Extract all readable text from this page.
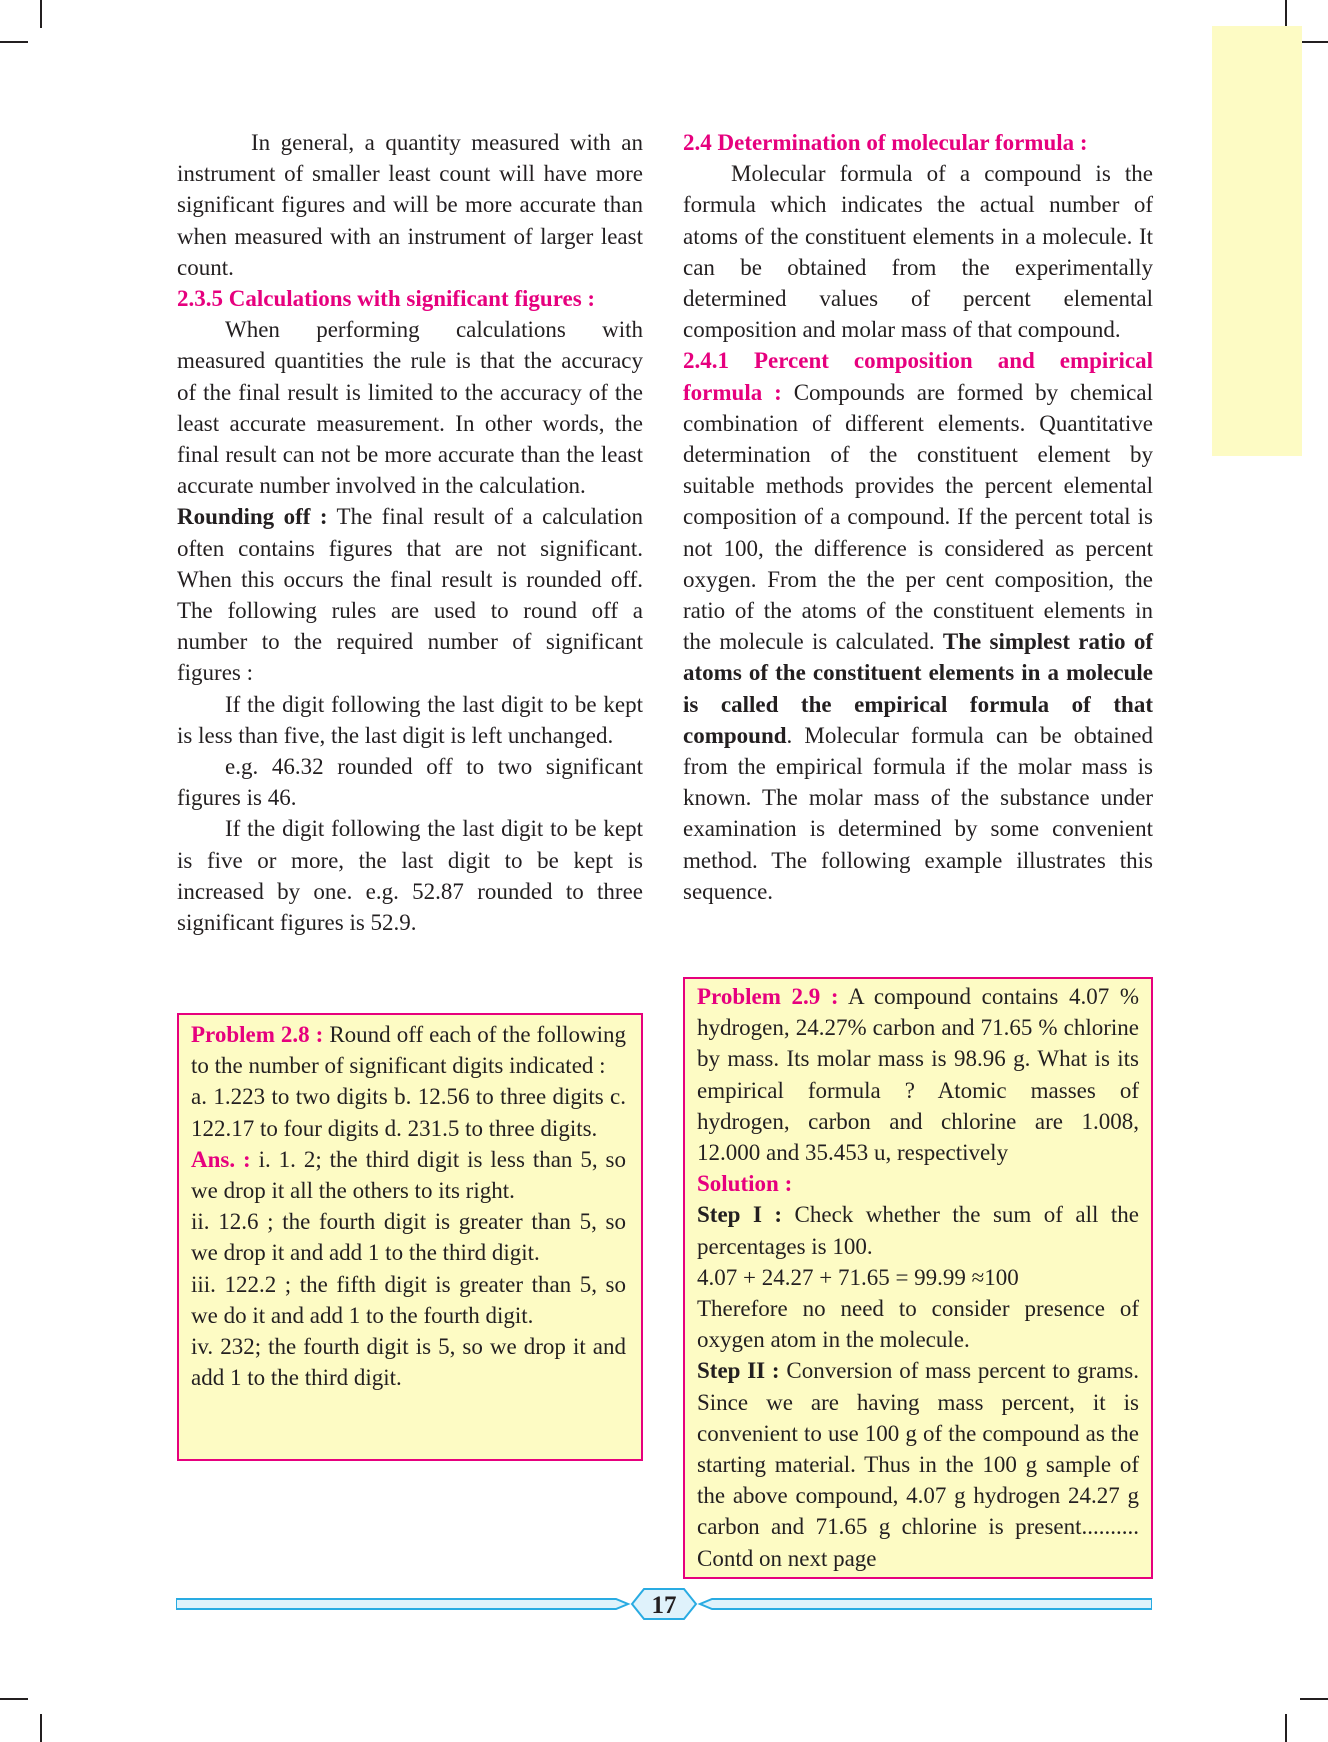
In general, a quantity measured with an instrument of smaller least count will have more significant figures and will be more accurate than when measured with an instrument of larger least count.

2.3.5 Calculations with significant figures :

When performing calculations with measured quantities the rule is that the accuracy of the final result is limited to the accuracy of the least accurate measurement. In other words, the final result can not be more accurate than the least accurate number involved in the calculation.

Rounding off : The final result of a calculation often contains figures that are not significant. When this occurs the final result is rounded off. The following rules are used to round off a number to the required number of significant figures :

If the digit following the last digit to be kept is less than five, the last digit is left unchanged.

e.g. 46.32 rounded off to two significant figures is 46.

If the digit following the last digit to be kept is five or more, the last digit to be kept is increased by one. e.g. 52.87 rounded to three significant figures is 52.9.

Problem 2.8 : Round off each of the following to the number of significant digits indicated :

a. 1.223 to two digits b. 12.56 to three digits c. 122.17 to four digits d. 231.5 to three digits.

Ans. : i. 1. 2; the third digit is less than 5, so we drop it all the others to its right.

ii. 12.6 ; the fourth digit is greater than 5, so we drop it and add 1 to the third digit.

iii. 122.2 ; the fifth digit is greater than 5, so we do it and add 1 to the fourth digit.

iv. 232; the fourth digit is 5, so we drop it and add 1 to the third digit.

2.4 Determination of molecular formula :

Molecular formula of a compound is the formula which indicates the actual number of atoms of the constituent elements in a molecule. It can be obtained from the experimentally determined values of percent elemental composition and molar mass of that compound.

2.4.1 Percent composition and empirical formula : Compounds are formed by chemical combination of different elements. Quantitative determination of the constituent element by suitable methods provides the percent elemental composition of a compound. If the percent total is not 100, the difference is considered as percent oxygen. From the the per cent composition, the ratio of the atoms of the constituent elements in the molecule is calculated. The simplest ratio of atoms of the constituent elements in a molecule is called the empirical formula of that compound. Molecular formula can be obtained from the empirical formula if the molar mass is known. The molar mass of the substance under examination is determined by some convenient method. The following example illustrates this sequence.

Problem 2.9 : A compound contains 4.07 % hydrogen, 24.27% carbon and 71.65 % chlorine by mass. Its molar mass is 98.96 g. What is its empirical formula ? Atomic masses of hydrogen, carbon and chlorine are 1.008, 12.000 and 35.453 u, respectively

Solution :

Step I : Check whether the sum of all the percentages is 100.

4.07 + 24.27 + 71.65 = 99.99 ≈100

Therefore no need to consider presence of oxygen atom in the molecule.

Step II : Conversion of mass percent to grams. Since we are having mass percent, it is convenient to use 100 g of the compound as the starting material. Thus in the 100 g sample of the above compound, 4.07 g hydrogen 24.27 g carbon and 71.65 g chlorine is present.......... Contd on next page

17
